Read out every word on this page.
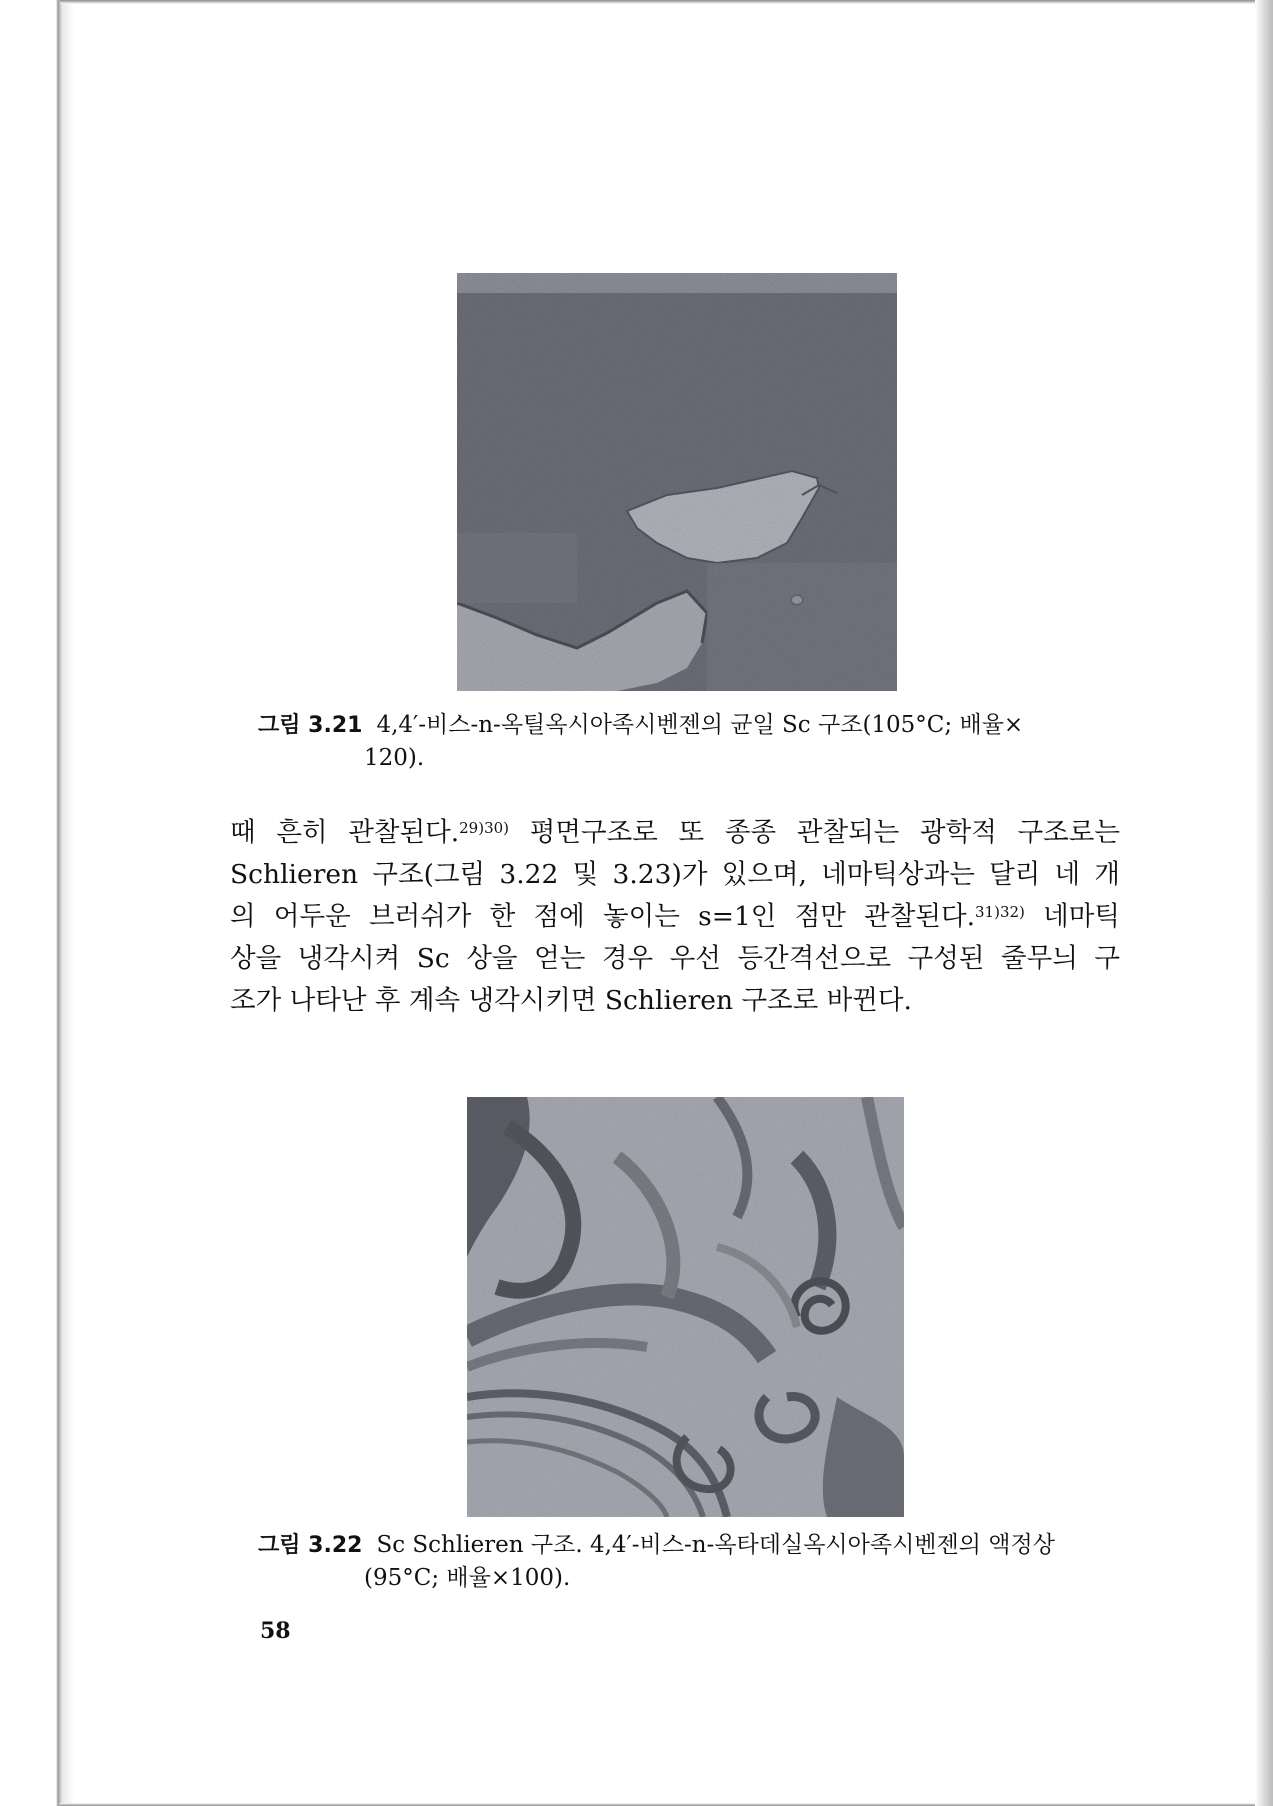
그림 3.21 4,4′-비스-n-옥틸옥시아족시벤젠의 균일 Sc 구조(105°C; 배율×
120).
때 흔히 관찰된다.$^{29)30)}$ 평면구조로 또 종종 관찰되는 광학적 구조로는
Schlieren 구조(그림 3.22 및 3.23)가 있으며, 네마틱상과는 달리 네 개
의 어두운 브러쉬가 한 점에 놓이는 s=1인 점만 관찰된다.$^{31)32)}$ 네마틱
상을 냉각시켜 Sc 상을 얻는 경우 우선 등간격선으로 구성된 줄무늬 구
조가 나타난 후 계속 냉각시키면 Schlieren 구조로 바뀐다.
그림 3.22 Sc Schlieren 구조. 4,4′-비스-n-옥타데실옥시아족시벤젠의 액정상
(95°C; 배율×100).
58
